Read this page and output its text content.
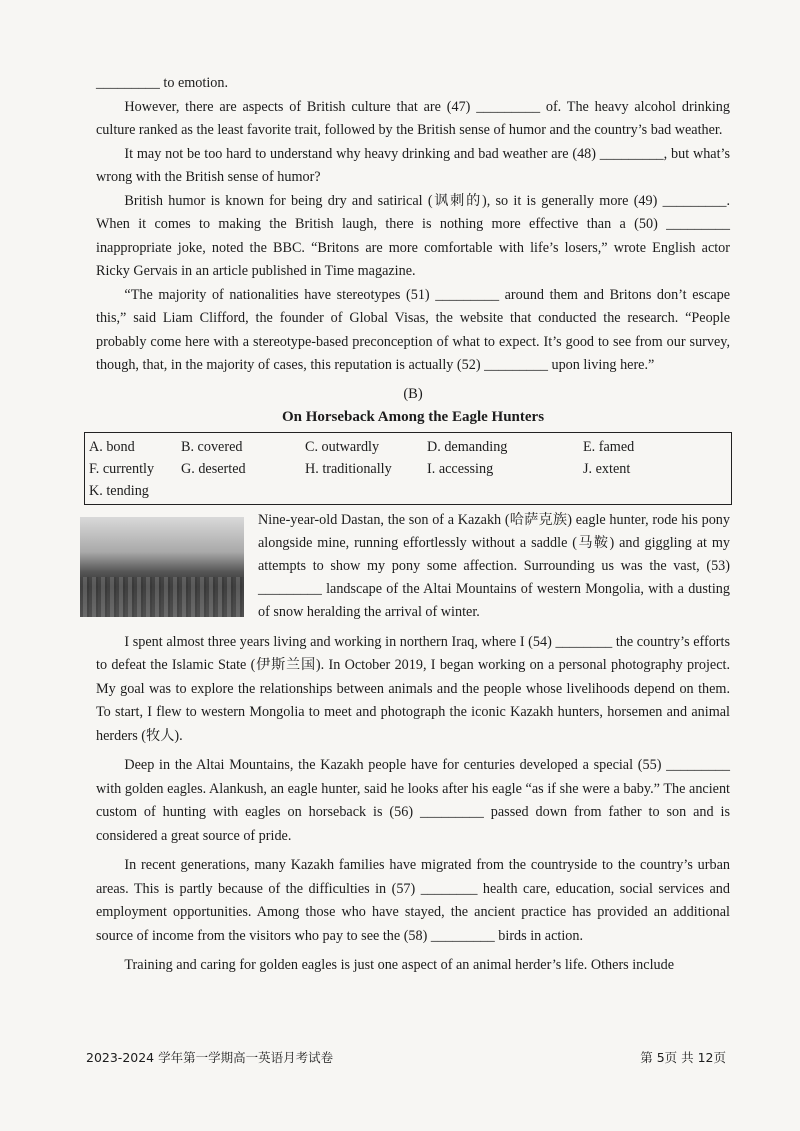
_________ to emotion.

However, there are aspects of British culture that are (47) _________ of. The heavy alcohol drinking culture ranked as the least favorite trait, followed by the British sense of humor and the country’s bad weather.

It may not be too hard to understand why heavy drinking and bad weather are (48) _________, but what’s wrong with the British sense of humor?

British humor is known for being dry and satirical (讽刺的), so it is generally more (49) _________. When it comes to making the British laugh, there is nothing more effective than a (50) _________ inappropriate joke, noted the BBC. “Britons are more comfortable with life’s losers,” wrote English actor Ricky Gervais in an article published in Time magazine.

“The majority of nationalities have stereotypes (51) _________ around them and Britons don’t escape this,” said Liam Clifford, the founder of Global Visas, the website that conducted the research. “People probably come here with a stereotype-based preconception of what to expect. It’s good to see from our survey, though, that, in the majority of cases, this reputation is actually (52) _________ upon living here.”

(B)
On Horseback Among the Eagle Hunters
A. bond	B. covered	C. outwardly	D. demanding	E. famed
F. currently	G. deserted	H. traditionally	I. accessing	J. extent
K. tending

Nine-year-old Dastan, the son of a Kazakh (哈萨克族) eagle hunter, rode his pony alongside mine, running effortlessly without a saddle (马鞍) and giggling at my attempts to show my pony some affection. Surrounding us was the vast, (53) _________ landscape of the Altai Mountains of western Mongolia, with a dusting of snow heralding the arrival of winter.

I spent almost three years living and working in northern Iraq, where I (54) ________ the country’s efforts to defeat the Islamic State (伊斯兰国). In October 2019, I began working on a personal photography project. My goal was to explore the relationships between animals and the people whose livelihoods depend on them. To start, I flew to western Mongolia to meet and photograph the iconic Kazakh hunters, horsemen and animal herders (牧人).

Deep in the Altai Mountains, the Kazakh people have for centuries developed a special (55) _________ with golden eagles. Alankush, an eagle hunter, said he looks after his eagle “as if she were a baby.” The ancient custom of hunting with eagles on horseback is (56) _________ passed down from father to son and is considered a great source of pride.

In recent generations, many Kazakh families have migrated from the countryside to the country’s urban areas. This is partly because of the difficulties in (57) ________ health care, education, social services and employment opportunities. Among those who have stayed, the ancient practice has provided an additional source of income from the visitors who pay to see the (58) _________ birds in action.

Training and caring for golden eagles is just one aspect of an animal herder’s life. Others include

2023-2024 学年第一学期高一英语月考试卷	第 5页 共 12页
